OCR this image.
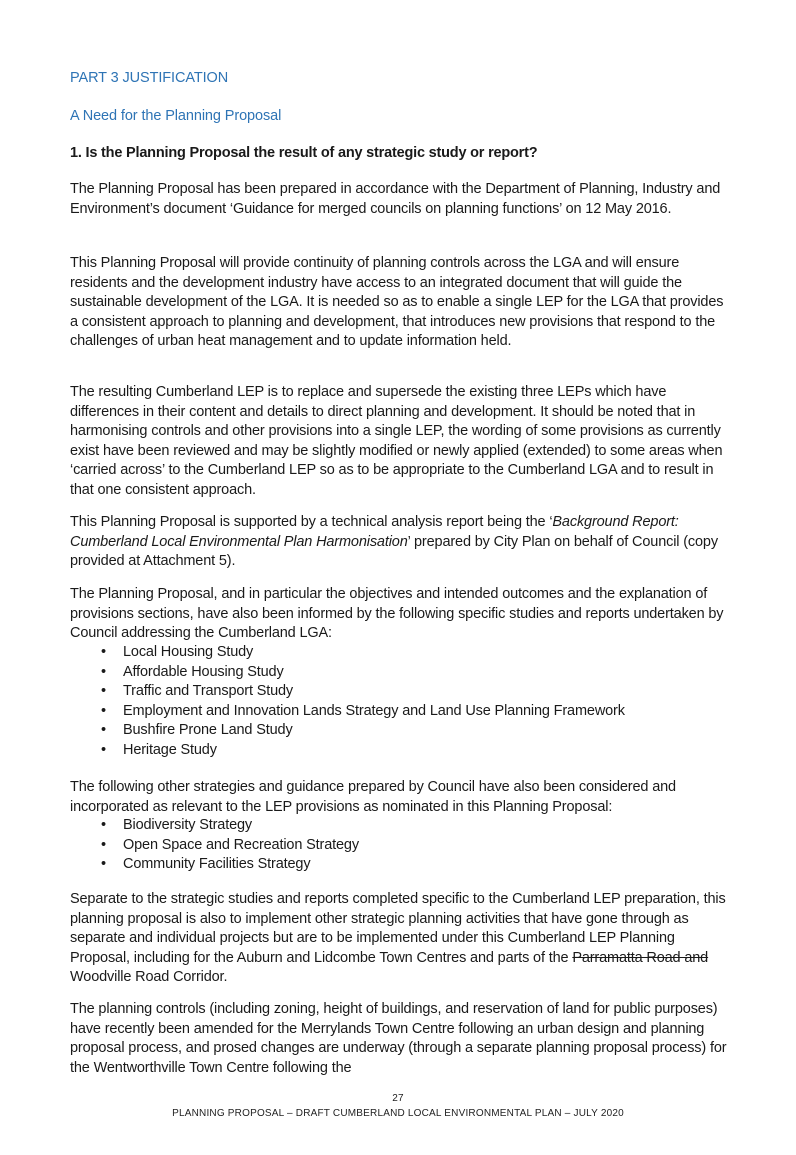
PART 3 JUSTIFICATION
A Need for the Planning Proposal
1. Is the Planning Proposal the result of any strategic study or report?

The Planning Proposal has been prepared in accordance with the Department of Planning, Industry and Environment’s document ‘Guidance for merged councils on planning functions’ on 12 May 2016.

This Planning Proposal will provide continuity of planning controls across the LGA and will ensure residents and the development industry have access to an integrated document that will guide the sustainable development of the LGA. It is needed so as to enable a single LEP for the LGA that provides a consistent approach to planning and development, that introduces new provisions that respond to the challenges of urban heat management and to update information held.

The resulting Cumberland LEP is to replace and supersede the existing three LEPs which have differences in their content and details to direct planning and development. It should be noted that in harmonising controls and other provisions into a single LEP, the wording of some provisions as currently exist have been reviewed and may be slightly modified or newly applied (extended) to some areas when ‘carried across’ to the Cumberland LEP so as to be appropriate to the Cumberland LGA and to result in that one consistent approach.

This Planning Proposal is supported by a technical analysis report being the ‘Background Report: Cumberland Local Environmental Plan Harmonisation’ prepared by City Plan on behalf of Council (copy provided at Attachment 5).

The Planning Proposal, and in particular the objectives and intended outcomes and the explanation of provisions sections, have also been informed by the following specific studies and reports undertaken by Council addressing the Cumberland LGA:

• Local Housing Study
• Affordable Housing Study
• Traffic and Transport Study
• Employment and Innovation Lands Strategy and Land Use Planning Framework
• Bushfire Prone Land Study
• Heritage Study

The following other strategies and guidance prepared by Council have also been considered and incorporated as relevant to the LEP provisions as nominated in this Planning Proposal:

• Biodiversity Strategy
• Open Space and Recreation Strategy
• Community Facilities Strategy

Separate to the strategic studies and reports completed specific to the Cumberland LEP preparation, this planning proposal is also to implement other strategic planning activities that have gone through as separate and individual projects but are to be implemented under this Cumberland LEP Planning Proposal, including for the Auburn and Lidcombe Town Centres and parts of the Parramatta Road and Woodville Road Corridor.

The planning controls (including zoning, height of buildings, and reservation of land for public purposes) have recently been amended for the Merrylands Town Centre following an urban design and planning proposal process, and prosed changes are underway (through a separate planning proposal process) for the Wentworthville Town Centre following the

27
PLANNING PROPOSAL – DRAFT CUMBERLAND LOCAL ENVIRONMENTAL PLAN – JULY 2020
